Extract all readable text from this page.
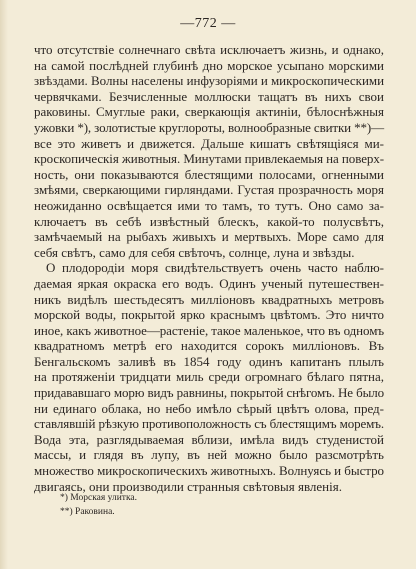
—772 —

что отсутствіе солнечнаго свѣта исключаетъ жизнь, и однако,
на самой послѣдней глубинѣ дно морское усыпано морскими
звѣздами. Волны населены инфузоріями и микроскопическими
червячками. Безчисленные моллюски тащатъ въ нихъ свои
раковины. Смуглые раки, сверкающія актиніи, бѣлоснѣжныя
ужовки *), золотистые круглороты, волнообразные свитки **)—
все это живетъ и движется. Дальше кишатъ свѣтящіяся ми-
кроскопическія животныя. Минутами привлекаемыя на поверх-
ность, они показываются блестящими полосами, огненными
змѣями, сверкающими гирляндами. Густая прозрачность моря
неожиданно освѣщается ими то тамъ, то тутъ. Оно само за-
ключаетъ въ себѣ извѣстный блескъ, какой-то полусвѣтъ,
замѣчаемый на рыбахъ живыхъ и мертвыхъ. Море само для
себя свѣтъ, само для себя свѣточъ, солнце, луна и звѣзды.

О плодородіи моря свидѣтельствуетъ очень часто наблю-
даемая яркая окраска его водъ. Одинъ ученый путешествен-
никъ видѣлъ шестьдесятъ милліоновъ квадратныхъ метровъ
морской воды, покрытой ярко краснымъ цвѣтомъ. Это ничто
иное, какъ животное—растеніе, такое маленькое, что въ одномъ
квадратномъ метрѣ его находится сорокъ милліоновъ. Въ
Бенгальскомъ заливѣ въ 1854 году одинъ капитанъ плылъ
на протяженіи тридцати миль среди огромнаго бѣлаго пятна,
придававшаго морю видъ равнины, покрытой снѣгомъ. Не было
ни единаго облака, но небо имѣло сѣрый цвѣтъ олова, пред-
ставлявшій рѣзкую противоположность съ блестящимъ моремъ.
Вода эта, разглядываемая вблизи, имѣла видъ студенистой
массы, и глядя въ лупу, въ ней можно было разсмотрѣть
множество микроскопическихъ животныхъ. Волнуясь и быстро
двигаясь, они производили странныя свѣтовыя явленія.

*) Морская улитка.

**) Раковина.
